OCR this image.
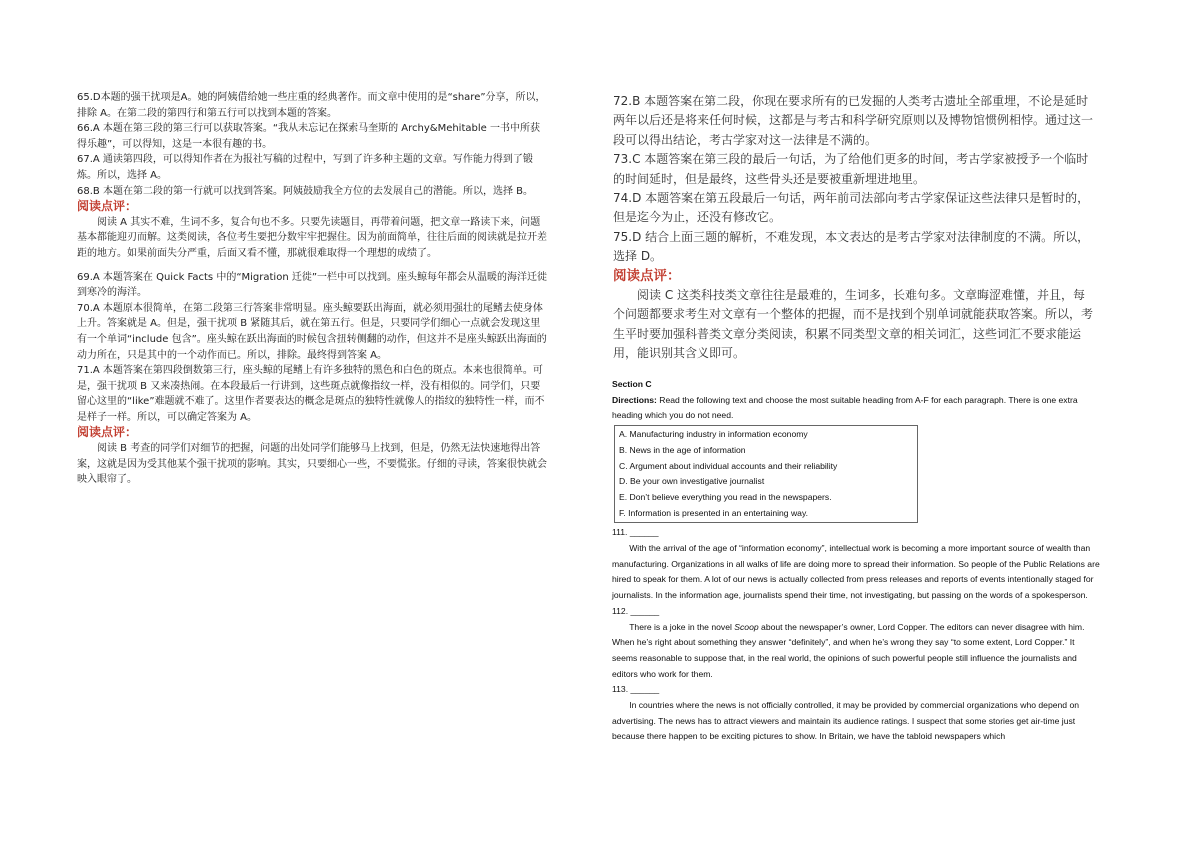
65.D本题的强干扰项是A。她的阿姨借给她一些庄重的经典著作。而文章中使用的是“share”分享，所以，排除 A。在第二段的第四行和第五行可以找到本题的答案。

66.A 本题在第三段的第三行可以获取答案。“我从未忘记在探索马奎斯的 Archy&Mehitable 一书中所获得乐趣”，可以得知，这是一本很有趣的书。

67.A 通读第四段，可以得知作者在为报社写稿的过程中，写到了许多种主题的文章。写作能力得到了锻炼。所以，选择 A。

68.B 本题在第二段的第一行就可以找到答案。阿姨鼓励我全方位的去发展自己的潜能。所以，选择 B。

阅读点评：

阅读 A 其实不难，生词不多，复合句也不多。只要先读题目，再带着问题，把文章一路读下来，问题基本都能迎刃而解。这类阅读，各位考生要把分数牢牢把握住。因为前面简单，往往后面的阅读就是拉开差距的地方。如果前面失分严重，后面又看不懂，那就很难取得一个理想的成绩了。

69.A 本题答案在 Quick Facts 中的“Migration 迁徙”一栏中可以找到。座头鲸每年都会从温暖的海洋迁徙到寒冷的海洋。

70.A 本题原本很简单，在第二段第三行答案非常明显。座头鲸要跃出海面，就必须用强壮的尾鳍去使身体上升。答案就是 A。但是，强干扰项 B 紧随其后，就在第五行。但是，只要同学们细心一点就会发现这里有一个单词“include 包含”。座头鲸在跃出海面的时候包含扭转侧翻的动作，但这并不是座头鲸跃出海面的动力所在，只是其中的一个动作而已。所以，排除。最终得到答案 A。

71.A 本题答案在第四段倒数第三行，座头鲸的尾鳍上有许多独特的黑色和白色的斑点。本来也很简单。可是，强干扰项 B 又来凑热闹。在本段最后一行讲到，这些斑点就像指纹一样，没有相似的。同学们，只要留心这里的“like”难题就不难了。这里作者要表达的概念是斑点的独特性就像人的指纹的独特性一样，而不是样子一样。所以，可以确定答案为 A。

阅读点评：

阅读 B 考查的同学们对细节的把握，问题的出处同学们能够马上找到，但是，仍然无法快速地得出答案，这就是因为受其他某个强干扰项的影响。其实，只要细心一些，不要慌张。仔细的寻读，答案很快就会映入眼帘了。

72.B 本题答案在第二段，你现在要求所有的已发掘的人类考古遗址全部重埋，不论是延时两年以后还是将来任何时候，这都是与考古和科学研究原则以及博物馆惯例相悖。通过这一段可以得出结论，考古学家对这一法律是不满的。

73.C 本题答案在第三段的最后一句话，为了给他们更多的时间，考古学家被授予一个临时的时间延时，但是最终，这些骨头还是要被重新埋进地里。

74.D 本题答案在第五段最后一句话，两年前司法部向考古学家保证这些法律只是暂时的，但是迄今为止，还没有修改它。

75.D 结合上面三题的解析，不难发现，本文表达的是考古学家对法律制度的不满。所以，选择 D。

阅读点评：

阅读 C 这类科技类文章往往是最难的，生词多，长难句多。文章晦涩难懂，并且，每个问题都要求考生对文章有一个整体的把握，而不是找到个别单词就能获取答案。所以，考生平时要加强科普类文章分类阅读，积累不同类型文章的相关词汇，这些词汇不要求能运用，能识别其含义即可。

Section C

Directions: Read the following text and choose the most suitable heading from A-F for each paragraph. There is one extra heading which you do not need.

A. Manufacturing industry in information economy

B. News in the age of information

C. Argument about individual accounts and their reliability

D. Be your own investigative journalist

E. Don’t believe everything you read in the newspapers.

F. Information is presented in an entertaining way.

111. ______

With the arrival of the age of “information economy”, intellectual work is becoming a more important source of wealth than manufacturing. Organizations in all walks of life are doing more to spread their information. So people of the Public Relations are hired to speak for them. A lot of our news is actually collected from press releases and reports of events intentionally staged for journalists. In the information age, journalists spend their time, not investigating, but passing on the words of a spokesperson.

112. ______

There is a joke in the novel Scoop about the newspaper’s owner, Lord Copper. The editors can never disagree with him. When he’s right about something they answer “definitely”, and when he’s wrong they say “to some extent, Lord Copper.” It seems reasonable to suppose that, in the real world, the opinions of such powerful people still influence the journalists and editors who work for them.

113. ______

In countries where the news is not officially controlled, it may be provided by commercial organizations who depend on advertising. The news has to attract viewers and maintain its audience ratings. I suspect that some stories get air-time just because there happen to be exciting pictures to show. In Britain, we have the tabloid newspapers which
